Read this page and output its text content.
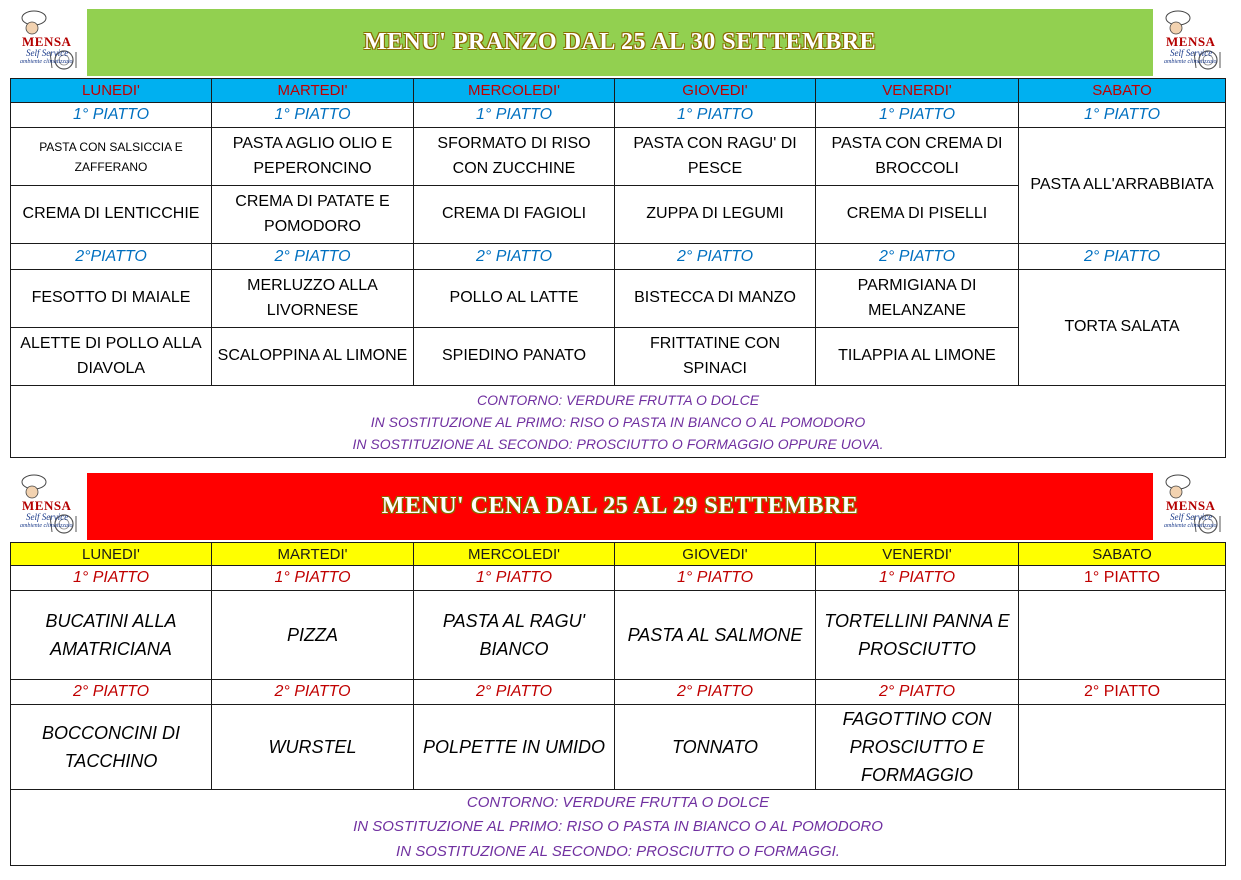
MENSA
Self Service
ambiente climatizzato
MENSA
Self Service
ambiente climatizzato
MENSA
Self Service
ambiente climatizzato
MENSA
Self Service
ambiente climatizzato
MENU' PRANZO DAL 25 AL 30 SETTEMBRE
LUNEDI'	MARTEDI'	MERCOLEDI'	GIOVEDI'	VENERDI'	SABATO
1° PIATTO	1° PIATTO	1° PIATTO	1° PIATTO	1° PIATTO	1° PIATTO
PASTA CON SALSICCIA E ZAFFERANO	PASTA AGLIO OLIO E PEPERONCINO	SFORMATO DI RISO CON ZUCCHINE	PASTA CON RAGU' DI PESCE	PASTA CON CREMA DI BROCCOLI	PASTA ALL'ARRABBIATA
CREMA DI LENTICCHIE	CREMA DI PATATE E POMODORO	CREMA DI FAGIOLI	ZUPPA DI LEGUMI	CREMA DI PISELLI	
2°PIATTO	2° PIATTO	2° PIATTO	2° PIATTO	2° PIATTO	2° PIATTO
FESOTTO DI MAIALE	MERLUZZO ALLA LIVORNESE	POLLO AL LATTE	BISTECCA DI MANZO	PARMIGIANA DI MELANZANE	TORTA SALATA
ALETTE DI POLLO ALLA DIAVOLA	SCALOPPINA AL LIMONE	SPIEDINO PANATO	FRITTATINE CON SPINACI	TILAPPIA AL LIMONE	

CONTORNO: VERDURE FRUTTA O DOLCE
IN SOSTITUZIONE AL PRIMO: RISO O PASTA IN BIANCO O AL POMODORO
IN SOSTITUZIONE AL SECONDO: PROSCIUTTO O FORMAGGIO OPPURE UOVA.					
MENU' CENA DAL 25 AL 29 SETTEMBRE
LUNEDI'	MARTEDI'	MERCOLEDI'	GIOVEDI'	VENERDI'	SABATO
1° PIATTO	1° PIATTO	1° PIATTO	1° PIATTO	1° PIATTO	1° PIATTO
BUCATINI ALLA AMATRICIANA	PIZZA	PASTA AL RAGU' BIANCO	PASTA AL SALMONE	TORTELLINI PANNA E PROSCIUTTO	
2° PIATTO	2° PIATTO	2° PIATTO	2° PIATTO	2° PIATTO	2° PIATTO
BOCCONCINI DI TACCHINO	WURSTEL	POLPETTE IN UMIDO	TONNATO	FAGOTTINO CON PROSCIUTTO E FORMAGGIO	

CONTORNO: VERDURE FRUTTA O DOLCE
IN SOSTITUZIONE AL PRIMO: RISO O PASTA IN BIANCO O AL POMODORO
IN SOSTITUZIONE AL SECONDO: PROSCIUTTO O FORMAGGI.					
